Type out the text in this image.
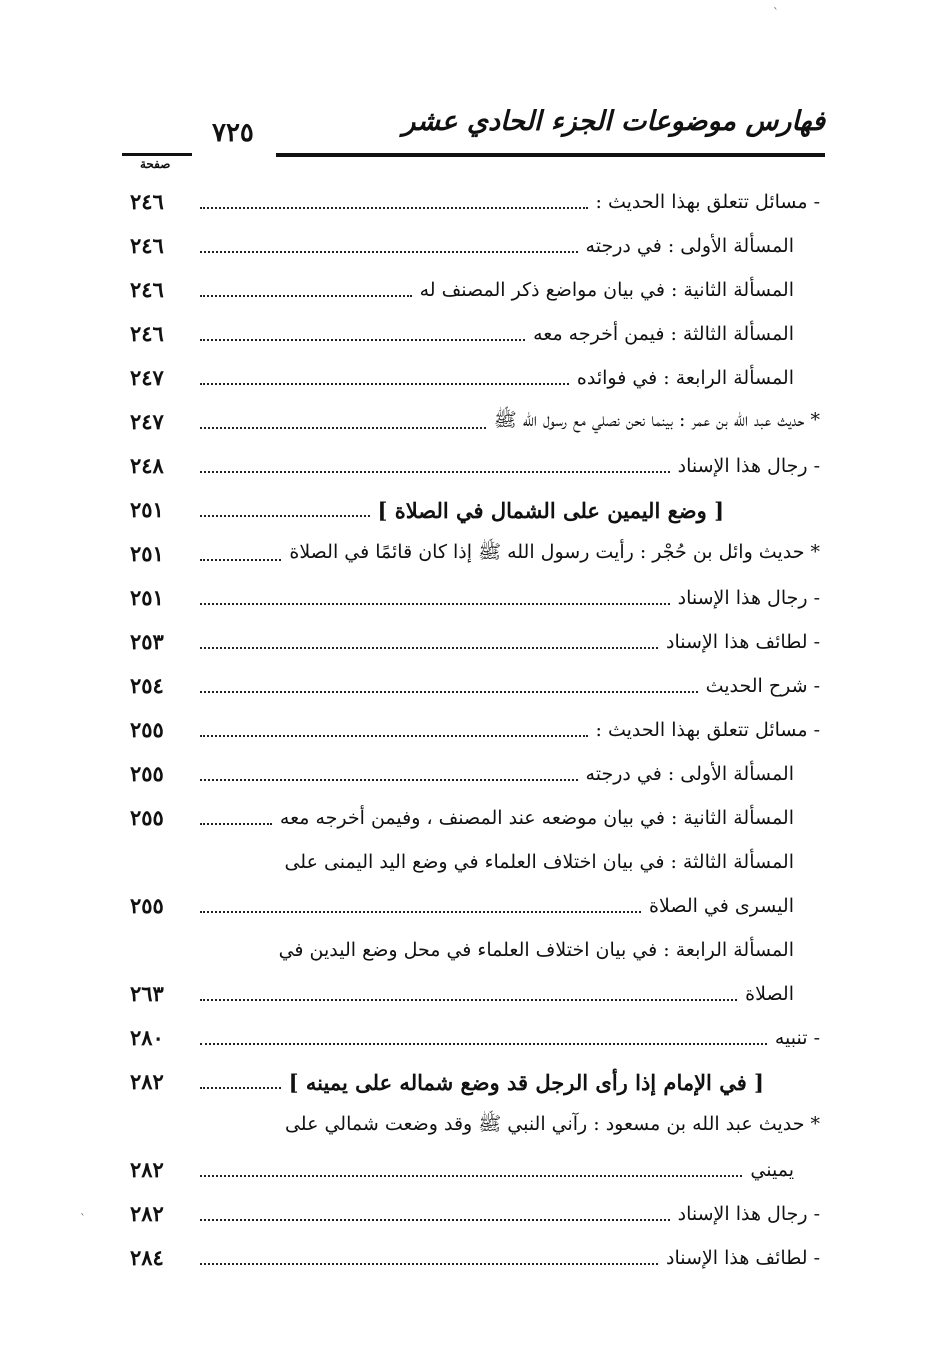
فهارس موضوعات الجزء الحادي عشر
٧٢٥
صفحة
ˋ
ˋ
- مسائل تتعلق بهذا الحديث :
٢٤٦
المسألة الأولى : في درجته
٢٤٦
المسألة الثانية : في بيان مواضع ذكر المصنف له
٢٤٦
المسألة الثالثة : فيمن أخرجه معه
٢٤٦
المسألة الرابعة : في فوائده
٢٤٧
* حديث عبد الله بن عمر : بينما نحن نصلي مع رسول الله ﷺ
٢٤٧
- رجال هذا الإسناد
٢٤٨
[ وضع اليمين على الشمال في الصلاة ]
٢٥١
* حديث وائل بن حُجْر : رأيت رسول الله ﷺ إذا كان قائمًا في الصلاة
٢٥١
- رجال هذا الإسناد
٢٥١
- لطائف هذا الإسناد
٢٥٣
- شرح الحديث
٢٥٤
- مسائل تتعلق بهذا الحديث :
٢٥٥
المسألة الأولى : في درجته
٢٥٥
المسألة الثانية : في بيان موضعه عند المصنف ، وفيمن أخرجه معه
٢٥٥
المسألة الثالثة : في بيان اختلاف العلماء في وضع اليد اليمنى على
اليسرى في الصلاة
٢٥٥
المسألة الرابعة : في بيان اختلاف العلماء في محل وضع اليدين في
الصلاة
٢٦٣
- تنبيه
٢٨٠
[ في الإمام إذا رأى الرجل قد وضع شماله على يمينه ]
٢٨٢
* حديث عبد الله بن مسعود : رآني النبي ﷺ وقد وضعت شمالي على
يميني
٢٨٢
- رجال هذا الإسناد
٢٨٢
- لطائف هذا الإسناد
٢٨٤
